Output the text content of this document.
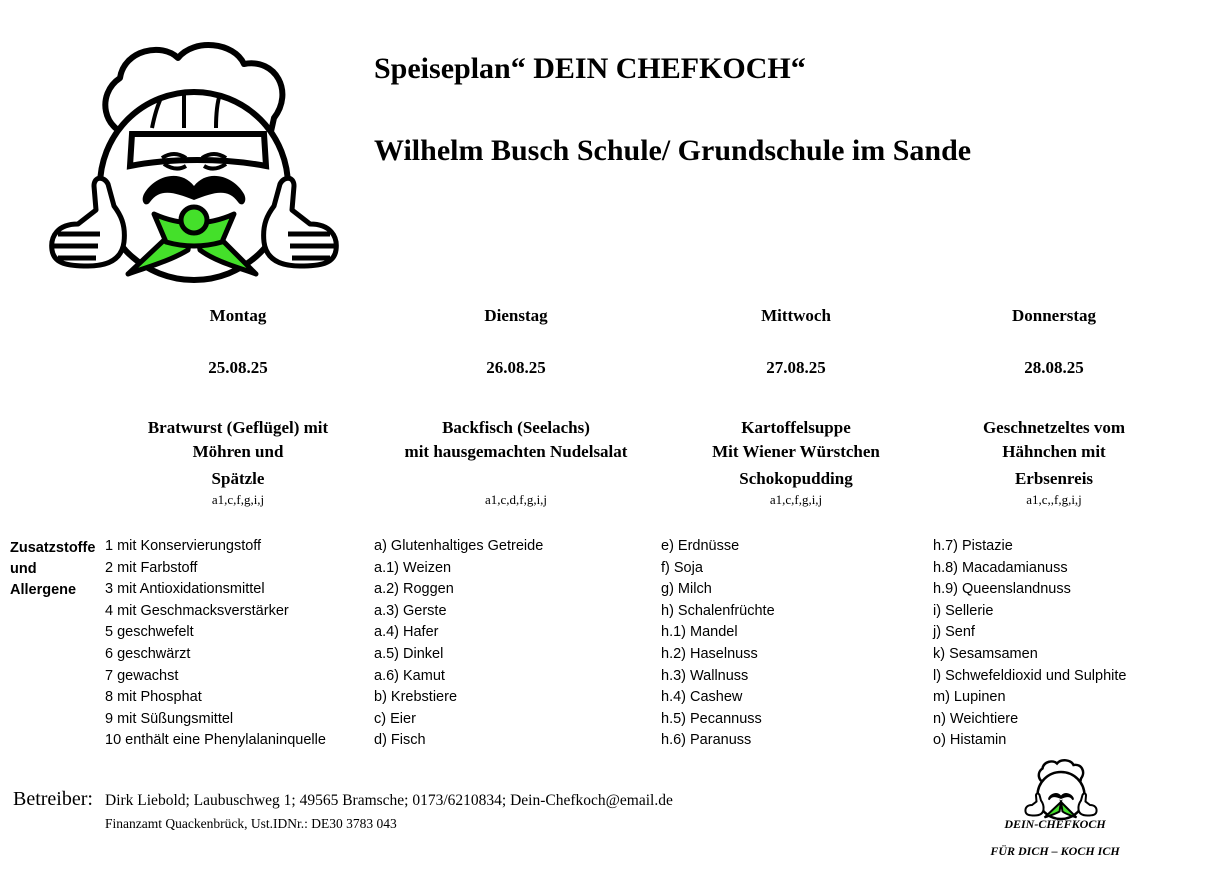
Speiseplan“ DEIN CHEFKOCH“
Wilhelm Busch Schule/ Grundschule im Sande
Montag
25.08.25
Bratwurst (Geflügel) mit
Möhren und
Spätzle
a1,c,f,g,i,j
Dienstag
26.08.25
Backfisch (Seelachs)
mit hausgemachten Nudelsalat
a1,c,d,f,g,i,j
Mittwoch
27.08.25
Kartoffelsuppe
Mit Wiener Würstchen
Schokopudding
a1,c,f,g,i,j
Donnerstag
28.08.25
Geschnetzeltes vom
Hähnchen mit
Erbsenreis
a1,c,,f,g,i,j
Zusatzstoffe
und
Allergene
1 mit Konservierungstoff
2 mit Farbstoff
3 mit Antioxidationsmittel
4 mit Geschmacksverstärker
5 geschwefelt
6 geschwärzt
7 gewachst
8 mit Phosphat
9 mit Süßungsmittel
10 enthält eine Phenylalaninquelle
a) Glutenhaltiges Getreide
a.1) Weizen
a.2) Roggen
a.3) Gerste
a.4) Hafer
a.5) Dinkel
a.6) Kamut
b) Krebstiere
c) Eier
d) Fisch
e) Erdnüsse
f) Soja
g) Milch
h) Schalenfrüchte
h.1) Mandel
h.2) Haselnuss
h.3) Wallnuss
h.4) Cashew
h.5) Pecannuss
h.6) Paranuss
h.7) Pistazie
h.8) Macadamianuss
h.9) Queenslandnuss
i) Sellerie
j) Senf
k) Sesamsamen
l) Schwefeldioxid und Sulphite
m) Lupinen
n) Weichtiere
o) Histamin
Betreiber: Dirk Liebold; Laubuschweg 1; 49565 Bramsche; 0173/6210834; Dein-Chefkoch@email.de
Finanzamt Quackenbrück, Ust.IDNr.: DE30 3783 043	DEIN-CHEFKOCH
FÜR DICH – KOCH ICH
